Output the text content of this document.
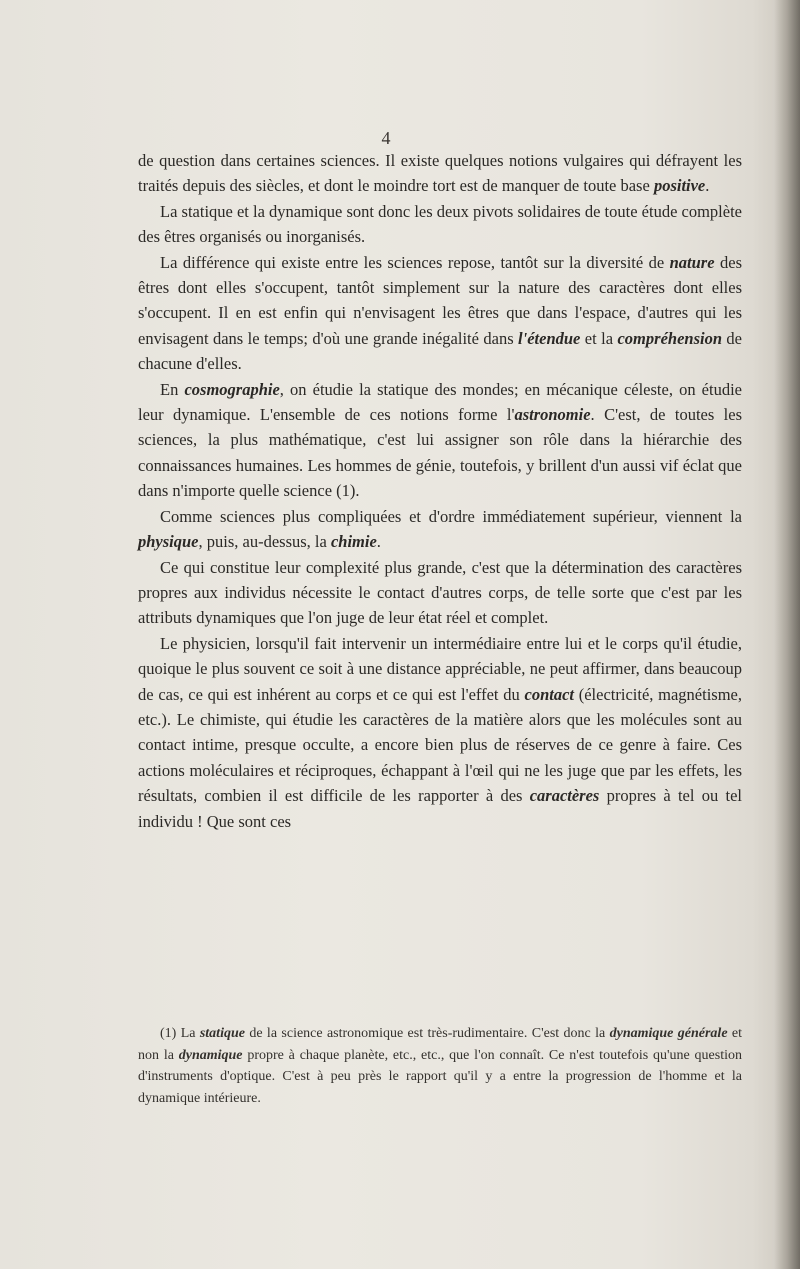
4

de question dans certaines sciences. Il existe quelques notions vulgaires qui défrayent les traités depuis des siècles, et dont le moindre tort est de manquer de toute base positive.

La statique et la dynamique sont donc les deux pivots solidaires de toute étude complète des êtres organisés ou inorganisés.

La différence qui existe entre les sciences repose, tantôt sur la diversité de nature des êtres dont elles s'occupent, tantôt simplement sur la nature des caractères dont elles s'occupent. Il en est enfin qui n'envisagent les êtres que dans l'espace, d'autres qui les envisagent dans le temps; d'où une grande inégalité dans l'étendue et la compréhension de chacune d'elles.

En cosmographie, on étudie la statique des mondes; en mécanique céleste, on étudie leur dynamique. L'ensemble de ces notions forme l'astronomie. C'est, de toutes les sciences, la plus mathématique, c'est lui assigner son rôle dans la hiérarchie des connaissances humaines. Les hommes de génie, toutefois, y brillent d'un aussi vif éclat que dans n'importe quelle science (1).

Comme sciences plus compliquées et d'ordre immédiatement supérieur, viennent la physique, puis, au-dessus, la chimie.

Ce qui constitue leur complexité plus grande, c'est que la détermination des caractères propres aux individus nécessite le contact d'autres corps, de telle sorte que c'est par les attributs dynamiques que l'on juge de leur état réel et complet.

Le physicien, lorsqu'il fait intervenir un intermédiaire entre lui et le corps qu'il étudie, quoique le plus souvent ce soit à une distance appréciable, ne peut affirmer, dans beaucoup de cas, ce qui est inhérent au corps et ce qui est l'effet du contact (électricité, magnétisme, etc.). Le chimiste, qui étudie les caractères de la matière alors que les molécules sont au contact intime, presque occulte, a encore bien plus de réserves de ce genre à faire. Ces actions moléculaires et réciproques, échappant à l'œil qui ne les juge que par les effets, les résultats, combien il est difficile de les rapporter à des caractères propres à tel ou tel individu ! Que sont ces

(1) La statique de la science astronomique est très-rudimentaire. C'est donc la dynamique générale et non la dynamique propre à chaque planète, etc., etc., que l'on connaît. Ce n'est toutefois qu'une question d'instruments d'optique. C'est à peu près le rapport qu'il y a entre la progression de l'homme et la dynamique intérieure.
